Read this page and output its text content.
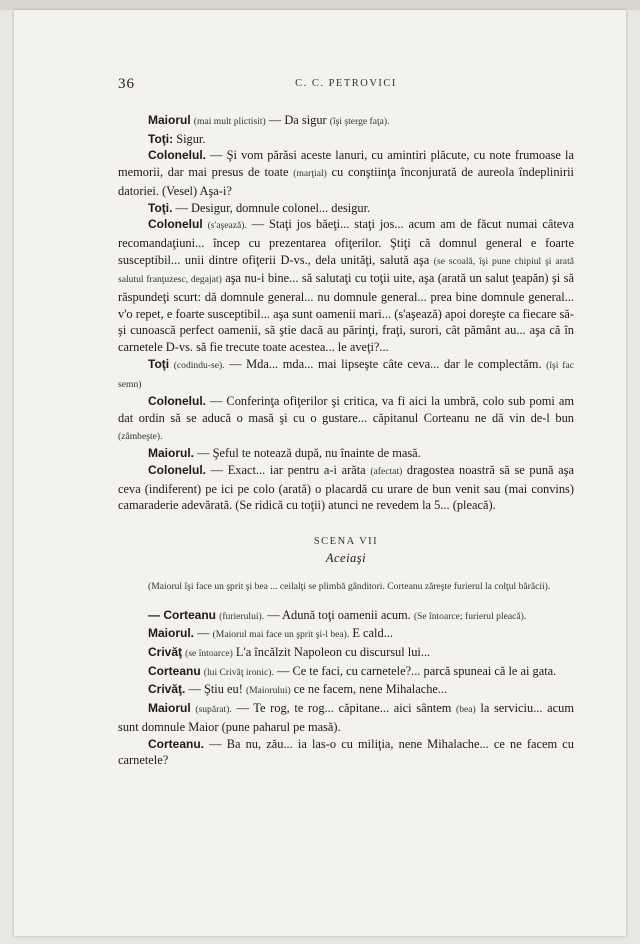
36	C. C. PETROVICI

Maiorul (mai mult plictisit) — Da sigur (îşi şterge faţa).

Toţi: Sigur.

Colonelul. — Şi vom părăsi aceste lanuri, cu amintiri plăcute, cu note frumoase la memorii, dar mai presus de toate (marţial) cu conştiinţa înconjurată de aureola îndeplinirii datoriei. (Vesel) Aşa-i?

Toţi. — Desigur, domnule colonel... desigur.

Colonelul (s'aşează). — Staţi jos băeţi... staţi jos... acum am de făcut numai câteva recomandaţiuni... încep cu prezentarea ofiţerilor. Ştiţi că domnul general e foarte susceptibil... unii dintre ofiţerii D-vs., dela unităţi, salută aşa (se scoală, îşi pune chipiul şi arată salutul franţuzesc, degajat) aşa nu-i bine... să salutaţi cu toţii uite, aşa (arată un salut ţeapăn) şi să răspundeţi scurt: dă domnule general... nu domnule general... prea bine domnule general... v'o repet, e foarte susceptibil... aşa sunt oamenii mari... (s'aşează) apoi doreşte ca fiecare să-şi cunoască perfect oamenii, să ştie dacă au părinţi, fraţi, surori, cât pământ au... aşa că în carnetele D-vs. să fie trecute toate acestea... le aveţi?...

Toţi (codindu-se). — Mda... mda... mai lipseşte câte ceva... dar le complectăm. (îşi fac semn)

Colonelul. — Conferinţa ofiţerilor şi critica, va fi aici la umbră, colo sub pomi am dat ordin să se aducă o masă şi cu o gustare... căpitanul Corteanu ne dă vin de-l bun (zâmbeşte).

Maiorul. — Şeful te notează după, nu înainte de masă.

Colonelul. — Exact... iar pentru a-i arăta (afectat) dragostea noastră să se pună aşa ceva (indiferent) pe ici pe colo (arată) o placardă cu urare de bun venit sau (mai convins) camaraderie adevărată. (Se ridică cu toţii) atunci ne revedem la 5... (pleacă).

SCENA VII
Aceiaşi

(Maiorul îşi face un şprit şi bea ... ceilalţi se plimbă gânditori. Corteanu zăreşte furierul la colţul bărăcii).

— Corteanu (furierului). — Adună toţi oamenii acum. (Se întoarce; furierul pleacă).

Maiorul. — (Maiorul mai face un şprit şi-l bea). E cald...

Crivăţ (se întoarce) L'a încălzit Napoleon cu discursul lui...

Corteanu (lui Crivăţ ironic). — Ce te faci, cu carnetele?... parcă spuneai că le ai gata.

Crivăţ. — Ştiu eu! (Maiorului) ce ne facem, nene Mihalache...

Maiorul (supărat). — Te rog, te rog... căpitane... aici sântem (bea) la serviciu... acum sunt domnule Maior (pune paharul pe masă).

Corteanu. — Ba nu, zău... ia las-o cu miliţia, nene Mihalache... ce ne facem cu carnetele?
